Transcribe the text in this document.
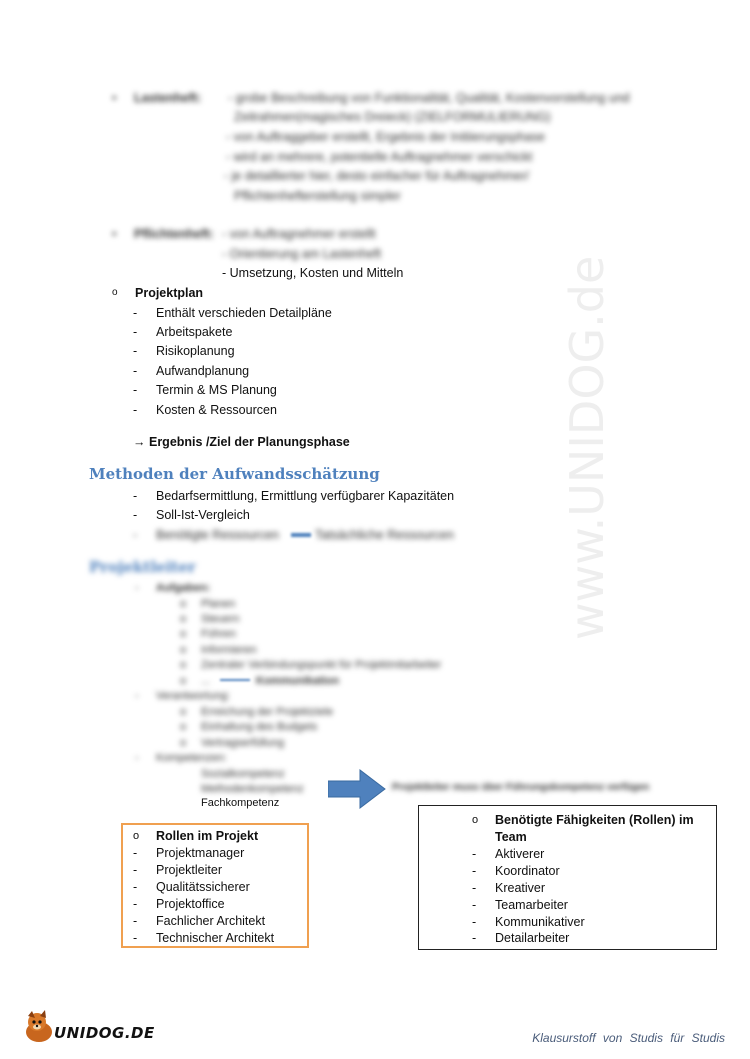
www.UNIDOG.de
• Lastenheft: - grobe Beschreibung von Funktionalität, Qualität, Kostenvorstellung und
Zeitrahmen(magisches Dreieck) (ZIELFORMULIERUNG)
- von Auftraggeber erstellt, Ergebnis der Initiierungsphase
- wird an mehrere, potentielle Auftragnehmer verschickt
- je detaillierter hier, desto einfacher für Auftragnehmer/
Pflichtenhefterstellung simpler
• Pflichtenheft: - von Auftragnehmer erstellt
- Orientierung am Lastenheft
- Umsetzung, Kosten und Mitteln
o Projektplan
- Enthält verschieden Detailpläne
- Arbeitspakete
- Risikoplanung
- Aufwandplanung
- Termin & MS Planung
- Kosten & Ressourcen
→ Ergebnis /Ziel der Planungsphase
Methoden der Aufwandsschätzung
- Bedarfsermittlung, Ermittlung verfügbarer Kapazitäten
- Soll-Ist-Vergleich
- Benötigte Ressourcen	Tatsächliche Ressourcen
Projektleiter
- Aufgaben:
o Planen
o Steuern
o Führen
o Informieren
o Zentraler Verbindungspunkt für Projektmitarbeiter
o ...	Kommunikation
- Verantwortung:
o Erreichung der Projektziele
o Einhaltung des Budgets
o Vertragserfüllung
- Kompetenzen:
Sozialkompetenz
Methodenkompetenz
Fachkompetenz
Projektleiter muss über Führungskompetenz verfügen
o Rollen im Projekt
- Projektmanager
- Projektleiter
- Qualitätssicherer
- Projektoffice
- Fachlicher Architekt
- Technischer Architekt
o Benötigte Fähigkeiten (Rollen) im
Team
- Aktiverer
- Koordinator
- Kreativer
- Teamarbeiter
- Kommunikativer
- Detailarbeiter
UNIDOG.DE	Klausurstoff von Studis für Studis
